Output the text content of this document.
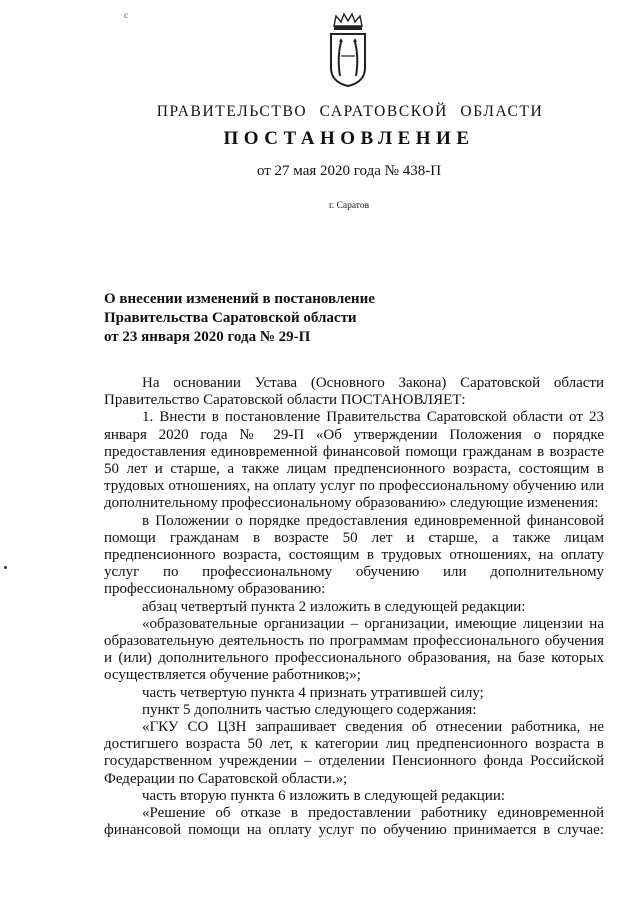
c
ПРАВИТЕЛЬСТВО САРАТОВСКОЙ ОБЛАСТИ
ПОСТАНОВЛЕНИЕ
от 27 мая 2020 года № 438-П
г. Саратов
О внесении изменений в постановление
Правительства Саратовской области
от 23 января 2020 года № 29-П

На основании Устава (Основного Закона) Саратовской области Правительство Саратовской области ПОСТАНОВЛЯЕТ:

1. Внести в постановление Правительства Саратовской области от 23 января 2020 года № 29-П «Об утверждении Положения о порядке предоставления единовременной финансовой помощи гражданам в возрасте 50 лет и старше, а также лицам предпенсионного возраста, состоящим в трудовых отношениях, на оплату услуг по профессиональному обучению или дополнительному профессиональному образованию» следующие изменения:

в Положении о порядке предоставления единовременной финансовой помощи гражданам в возрасте 50 лет и старше, а также лицам предпенсионного возраста, состоящим в трудовых отношениях, на оплату услуг по профессиональному обучению или дополнительному профессиональному образованию:

абзац четвертый пункта 2 изложить в следующей редакции:

«образовательные организации – организации, имеющие лицензии на образовательную деятельность по программам профессионального обучения и (или) дополнительного профессионального образования, на базе которых осуществляется обучение работников;»;

часть четвертую пункта 4 признать утратившей силу;

пункт 5 дополнить частью следующего содержания:

«ГКУ СО ЦЗН запрашивает сведения об отнесении работника, не достигшего возраста 50 лет, к категории лиц предпенсионного возраста в государственном учреждении – отделении Пенсионного фонда Российской Федерации по Саратовской области.»;

часть вторую пункта 6 изложить в следующей редакции:

«Решение об отказе в предоставлении работнику единовременной финансовой помощи на оплату услуг по обучению принимается в случае:
